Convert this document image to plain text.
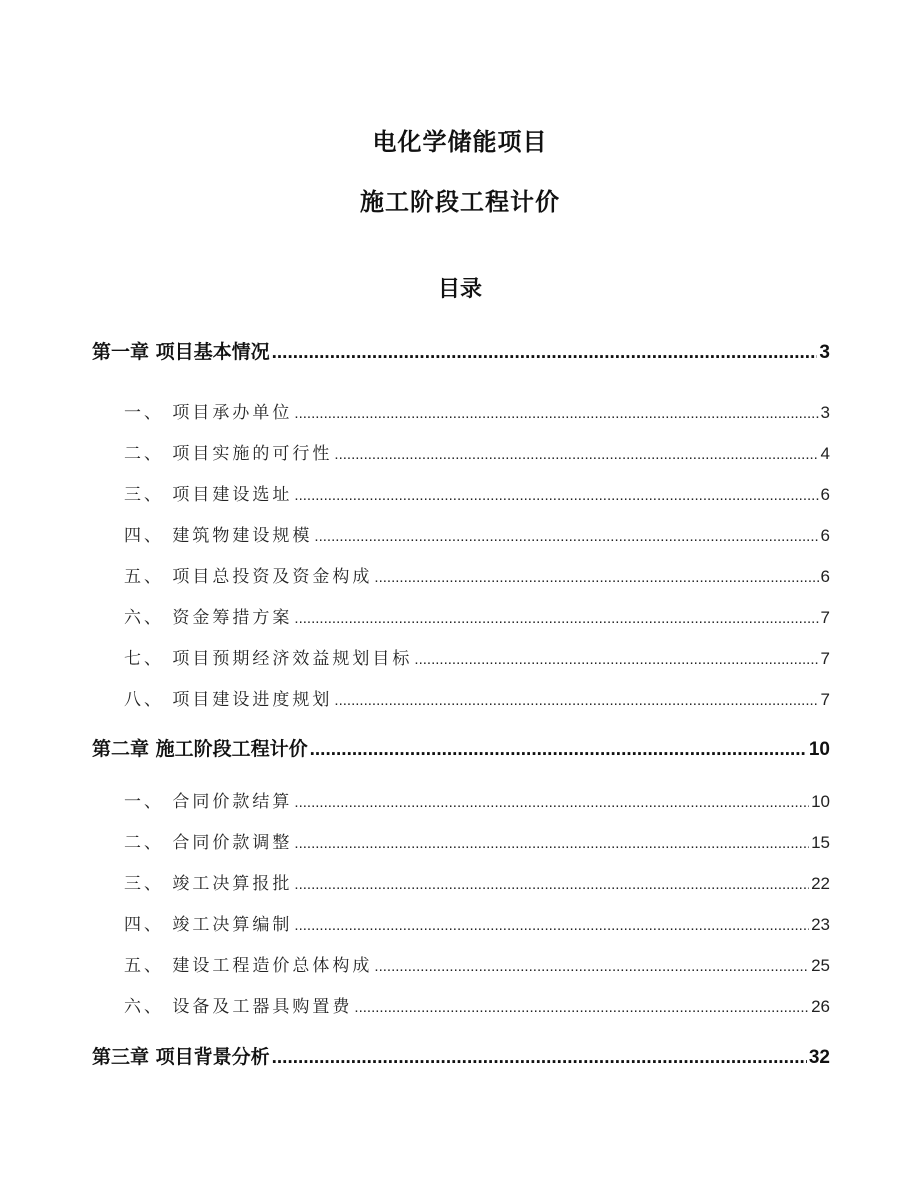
电化学储能项目
施工阶段工程计价
目录
第一章 项目基本情况 .....	3
一、 项目承办单位 .....	3
二、 项目实施的可行性 .....	4
三、 项目建设选址 .....	6
四、 建筑物建设规模 .....	6
五、 项目总投资及资金构成 .....	6
六、 资金筹措方案 .....	7
七、 项目预期经济效益规划目标 .....	7
八、 项目建设进度规划 .....	7
第二章 施工阶段工程计价 .....	10
一、 合同价款结算 .....	10
二、 合同价款调整 .....	15
三、 竣工决算报批 .....	22
四、 竣工决算编制 .....	23
五、 建设工程造价总体构成 .....	25
六、 设备及工器具购置费 .....	26
第三章 项目背景分析 .....	32
